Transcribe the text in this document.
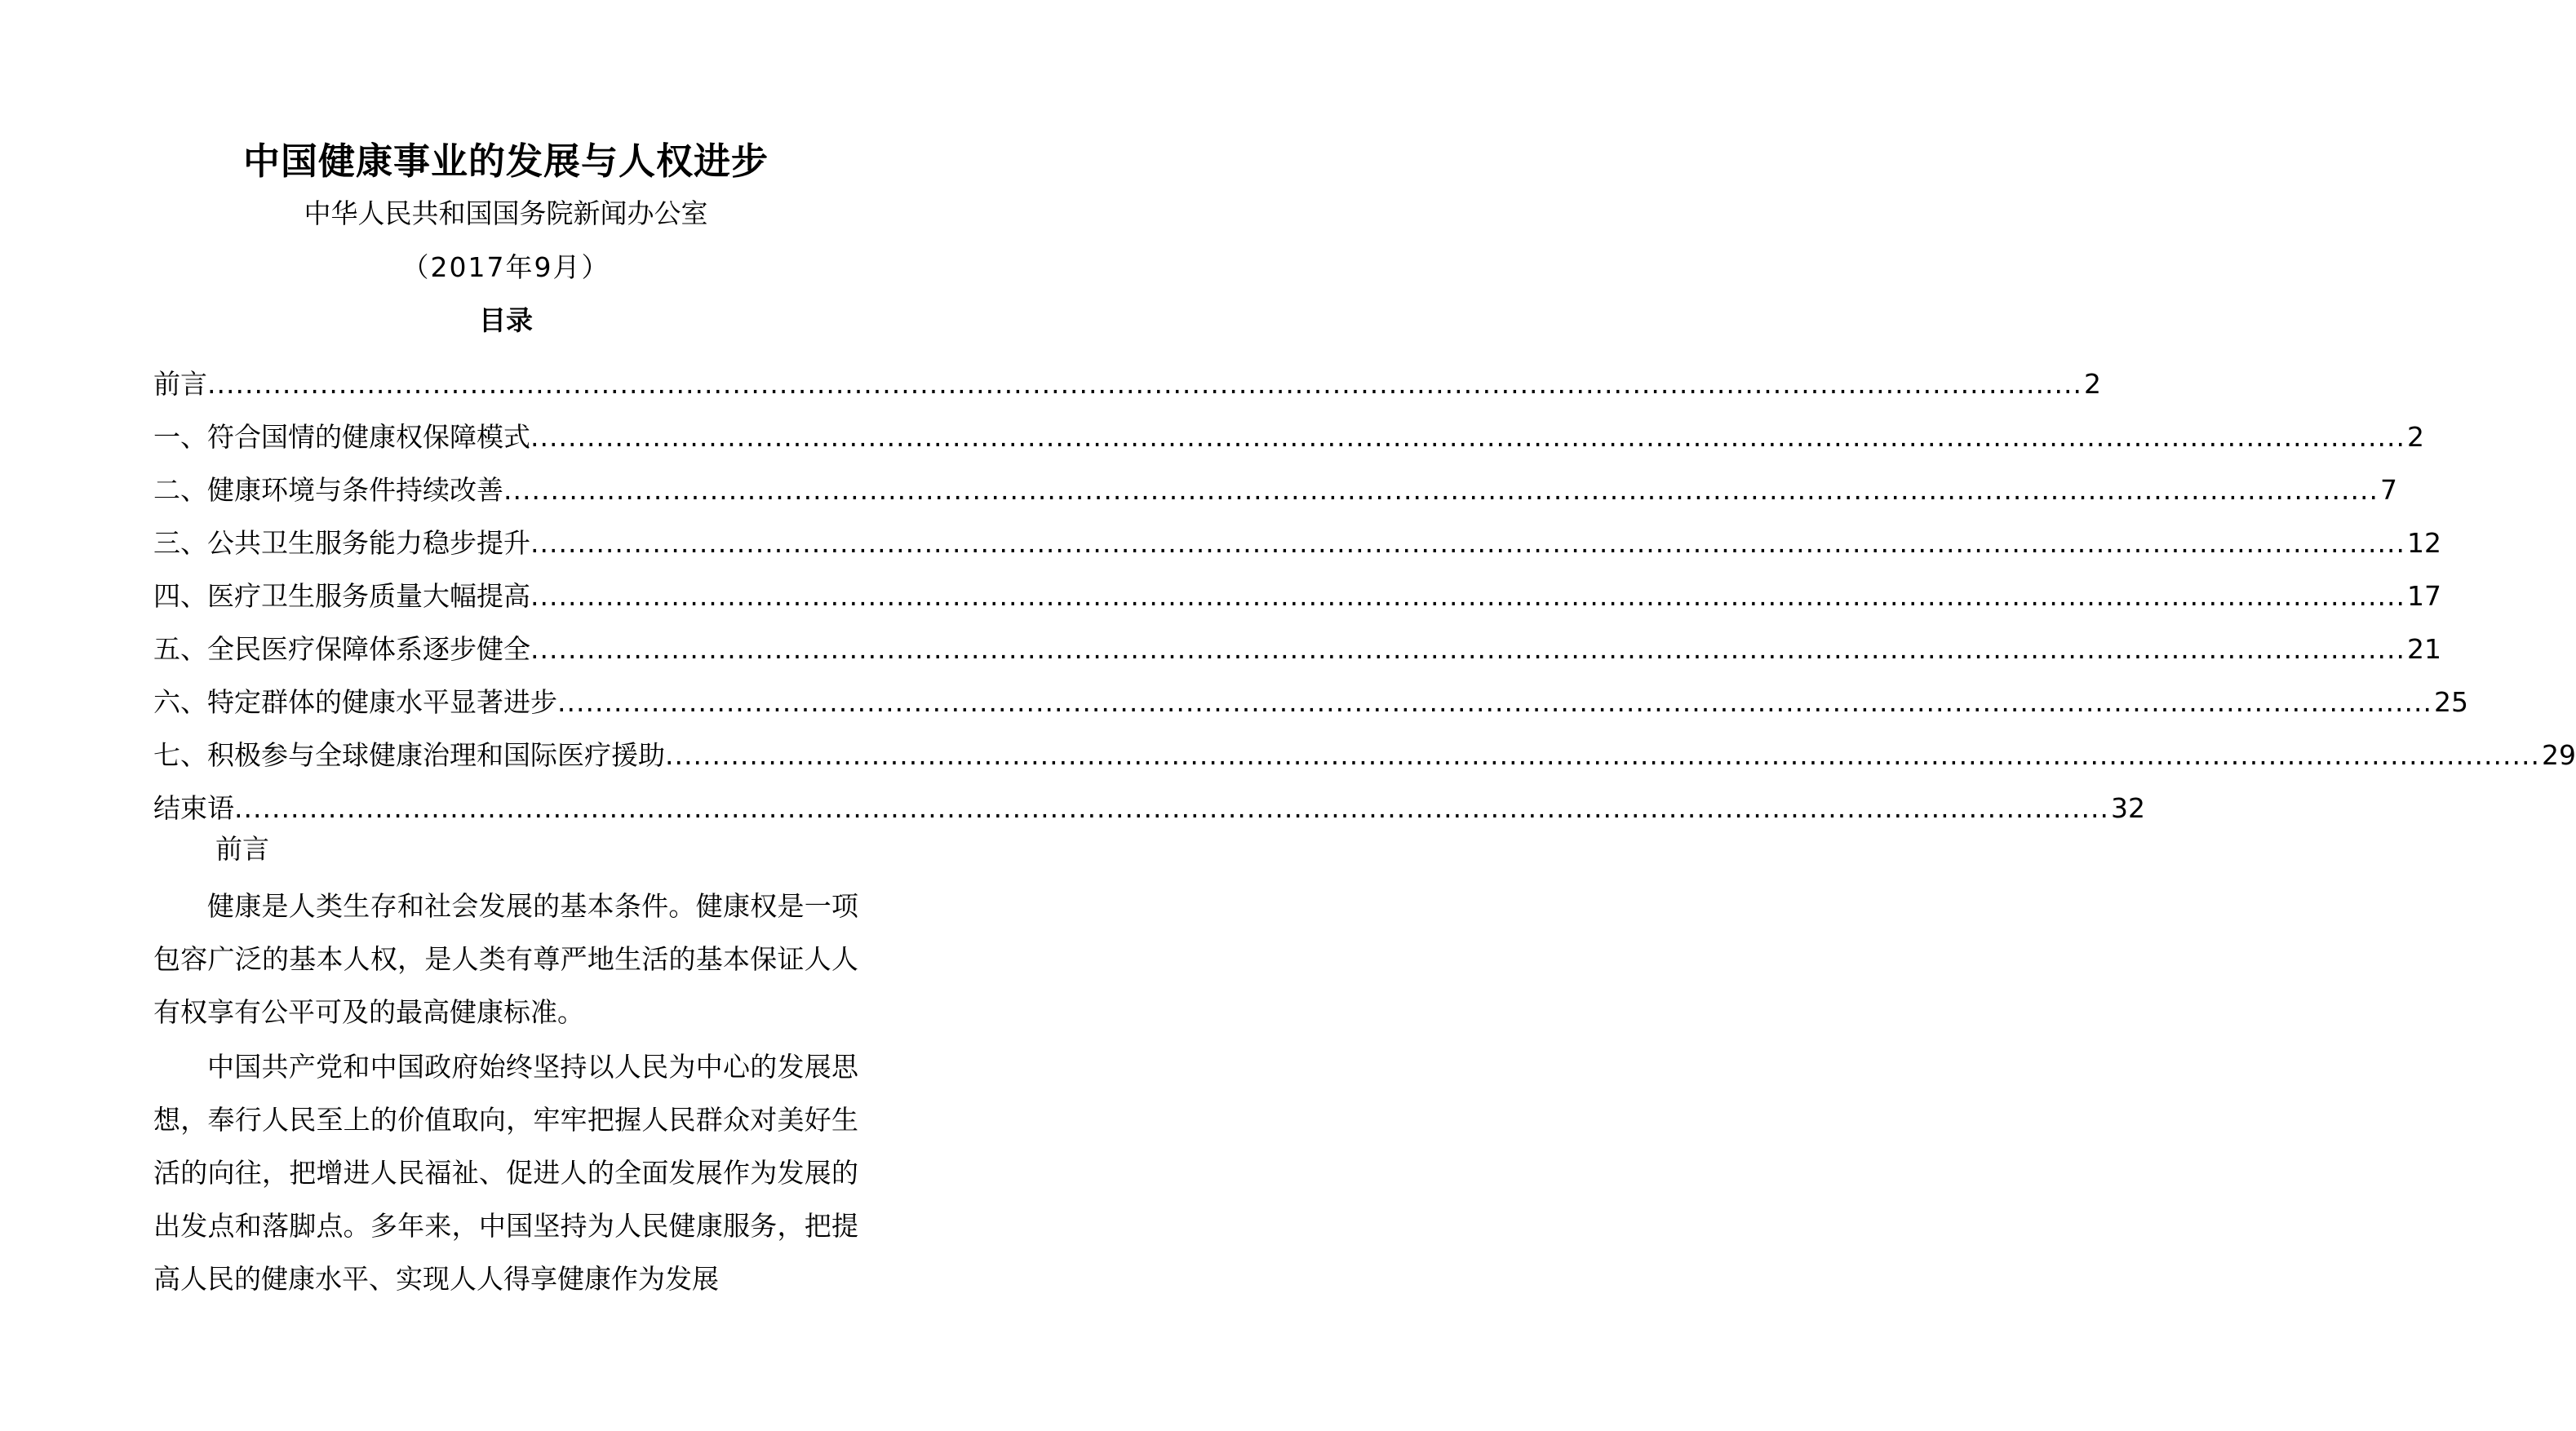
中国健康事业的发展与人权进步
中华人民共和国国务院新闻办公室
（2017年9月）
目录
前言 ........................................................................................................................................................................................................ 2
一、符合国情的健康权保障模式 ........................................................................................................................................................................................................ 2
二、健康环境与条件持续改善 ........................................................................................................................................................................................................ 7
三、公共卫生服务能力稳步提升 ........................................................................................................................................................................................................ 12
四、医疗卫生服务质量大幅提高 ........................................................................................................................................................................................................ 17
五、全民医疗保障体系逐步健全 ........................................................................................................................................................................................................ 21
六、特定群体的健康水平显著进步 ........................................................................................................................................................................................................ 25
七、积极参与全球健康治理和国际医疗援助 ........................................................................................................................................................................................................ 29
结束语 ........................................................................................................................................................................................................ 32
前言

健康是人类生存和社会发展的基本条件。健康权是一项包容广泛的基本人权，是人类有尊严地生活的基本保证人人有权享有公平可及的最高健康标准。

中国共产党和中国政府始终坚持以人民为中心的发展思想，奉行人民至上的价值取向，牢牢把握人民群众对美好生活的向往，把增进人民福祉、促进人的全面发展作为发展的出发点和落脚点。多年来，中国坚持为人民健康服务，把提高人民的健康水平、实现人人得享健康作为发展
